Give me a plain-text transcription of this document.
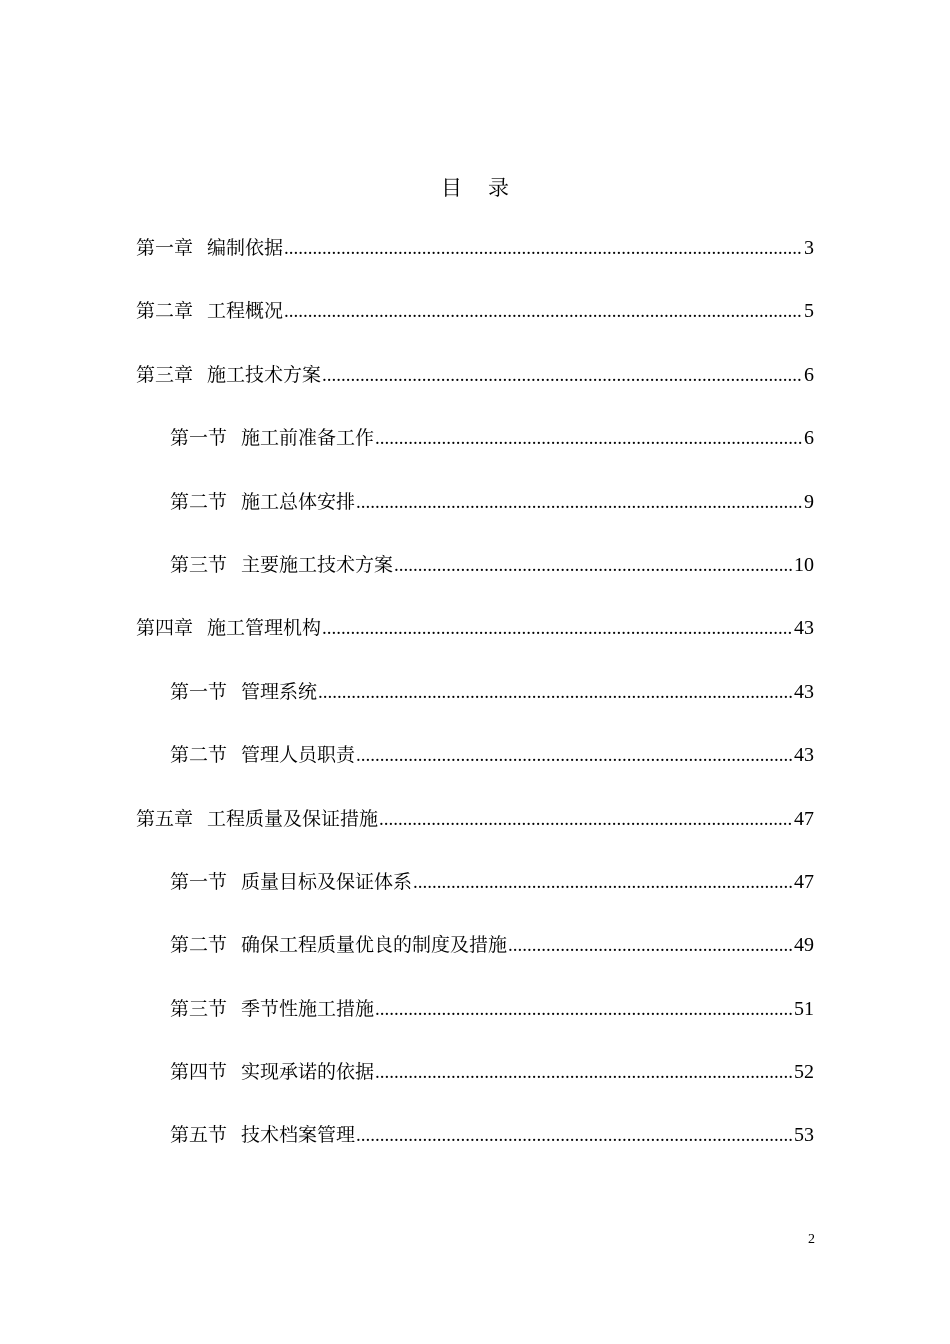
目 录
第一章 编制依据 .....	3
第二章 工程概况 .....	5
第三章 施工技术方案 .....	6
第一节 施工前准备工作 .....	6
第二节 施工总体安排 .....	9
第三节 主要施工技术方案 .....	10
第四章 施工管理机构 .....	43
第一节 管理系统 .....	43
第二节 管理人员职责 .....	43
第五章 工程质量及保证措施 .....	47
第一节 质量目标及保证体系 .....	47
第二节 确保工程质量优良的制度及措施 .....	49
第三节 季节性施工措施 .....	51
第四节 实现承诺的依据 .....	52
第五节 技术档案管理 .....	53
2
